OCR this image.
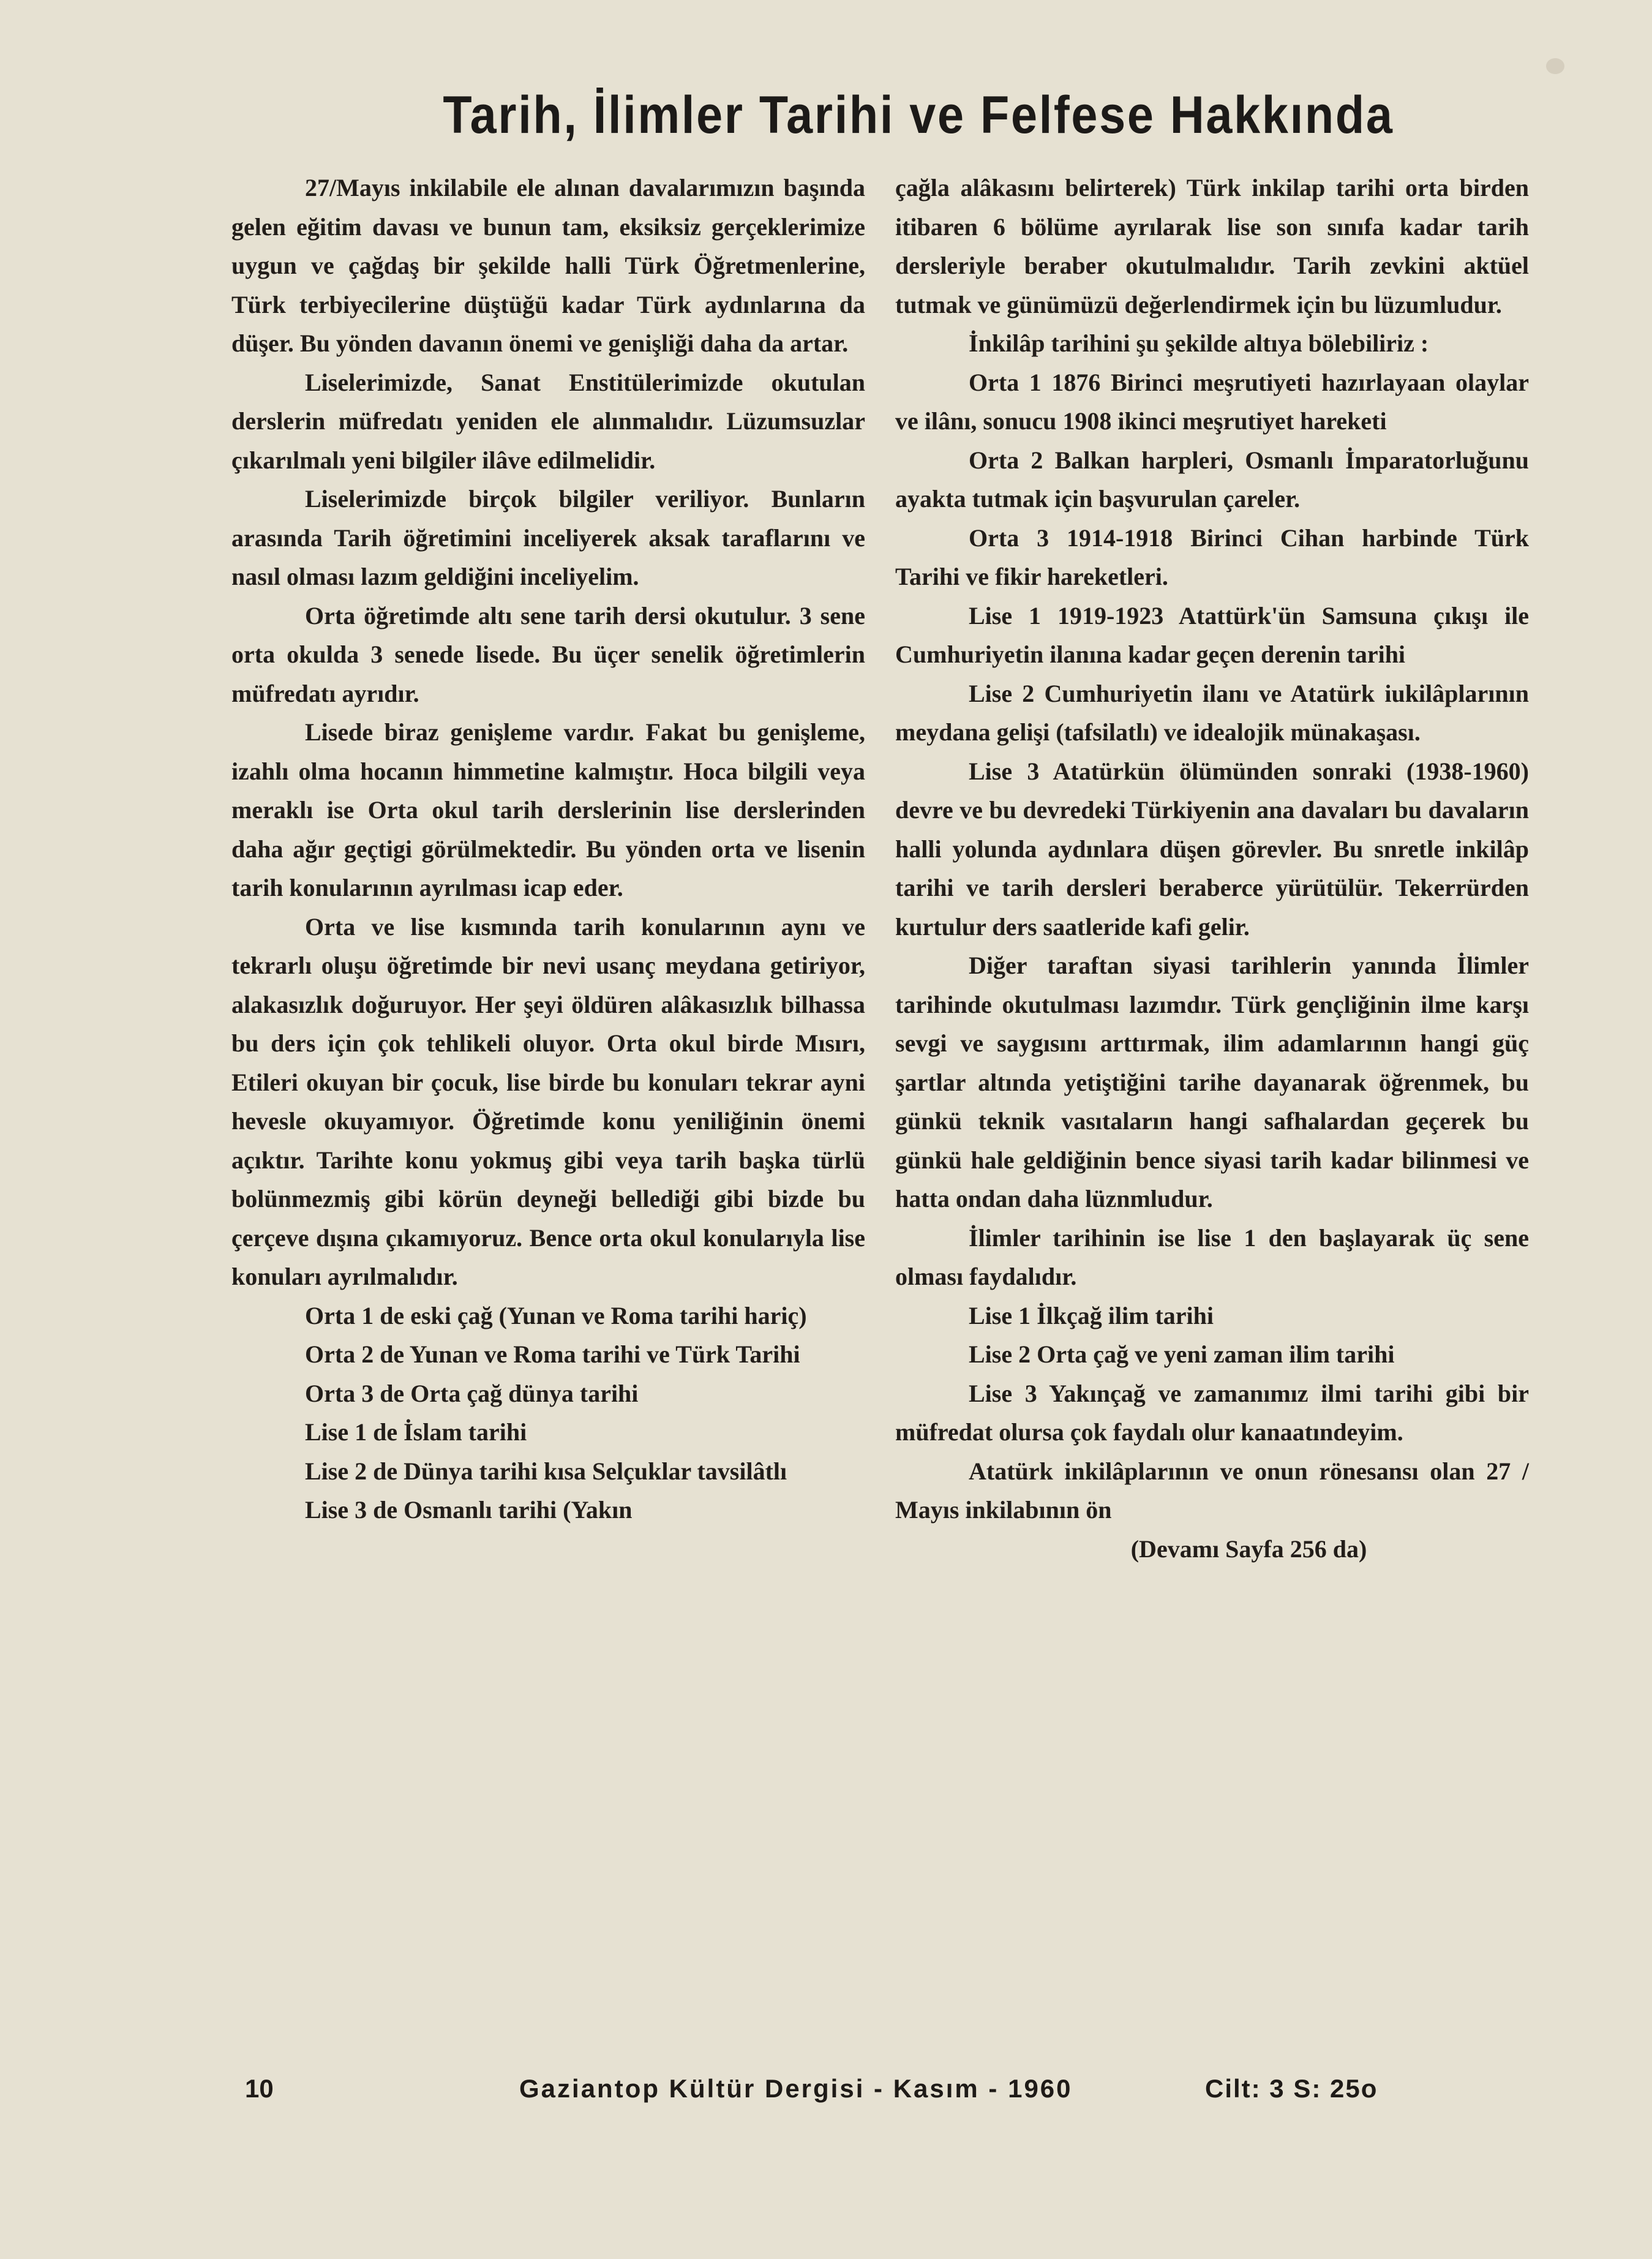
Tarih, İlimler Tarihi ve Felfese Hakkında

27/Mayıs inkilabile ele alınan davalarımızın başında gelen eğitim davası ve bunun tam, eksiksiz gerçeklerimize uygun ve çağdaş bir şekilde halli Türk Öğretmenlerine, Türk terbiyecilerine düştüğü kadar Türk aydınlarına da düşer. Bu yönden davanın önemi ve genişliği daha da artar.

Liselerimizde, Sanat Enstitülerimizde okutulan derslerin müfredatı yeniden ele alınmalıdır. Lüzumsuzlar çıkarılmalı yeni bilgiler ilâve edilmelidir.

Liselerimizde birçok bilgiler veriliyor. Bunların arasında Tarih öğretimini inceliyerek aksak taraflarını ve nasıl olması lazım geldiğini inceliyelim.

Orta öğretimde altı sene tarih dersi okutulur. 3 sene orta okulda 3 senede lisede. Bu üçer senelik öğretimlerin müfredatı ayrıdır.

Lisede biraz genişleme vardır. Fakat bu genişleme, izahlı olma hocanın himmetine kalmıştır. Hoca bilgili veya meraklı ise Orta okul tarih derslerinin lise derslerinden daha ağır geçtigi görülmektedir. Bu yönden orta ve lisenin tarih konularının ayrılması icap eder.

Orta ve lise kısmında tarih konularının aynı ve tekrarlı oluşu öğretimde bir nevi usanç meydana getiriyor, alakasızlık doğuruyor. Her şeyi öldüren alâkasızlık bilhassa bu ders için çok tehlikeli oluyor. Orta okul birde Mısırı, Etileri okuyan bir çocuk, lise birde bu konuları tekrar ayni hevesle okuyamıyor. Öğretimde konu yeniliğinin önemi açıktır. Tarihte konu yokmuş gibi veya tarih başka türlü bolünmezmiş gibi körün deyneği bellediği gibi bizde bu çerçeve dışına çıkamıyoruz. Bence orta okul konularıyla lise konuları ayrılmalıdır.

Orta 1 de eski çağ (Yunan ve Roma tarihi hariç)

Orta 2 de Yunan ve Roma tarihi ve Türk Tarihi

Orta 3 de Orta çağ dünya tarihi

Lise 1 de İslam tarihi

Lise 2 de Dünya tarihi kısa Selçuklar tavsilâtlı

Lise 3 de Osmanlı tarihi (Yakın

çağla alâkasını belirterek) Türk inkilap tarihi orta birden itibaren 6 bölüme ayrılarak lise son sınıfa kadar tarih dersleriyle beraber okutulmalıdır. Tarih zevkini aktüel tutmak ve günümüzü değerlendirmek için bu lüzumludur.

İnkilâp tarihini şu şekilde altıya bölebiliriz :

Orta 1 1876 Birinci meşrutiyeti hazırlayaan olaylar ve ilânı, sonucu 1908 ikinci meşrutiyet hareketi

Orta 2 Balkan harpleri, Osmanlı İmparatorluğunu ayakta tutmak için başvurulan çareler.

Orta 3 1914-1918 Birinci Cihan harbinde Türk Tarihi ve fikir hareketleri.

Lise 1 1919-1923 Atattürk'ün Samsuna çıkışı ile Cumhuriyetin ilanına kadar geçen derenin tarihi

Lise 2 Cumhuriyetin ilanı ve Atatürk iukilâplarının meydana gelişi (tafsilatlı) ve idealojik münakaşası.

Lise 3 Atatürkün ölümünden sonraki (1938-1960) devre ve bu devredeki Türkiyenin ana davaları bu davaların halli yolunda aydınlara düşen görevler. Bu snretle inkilâp tarihi ve tarih dersleri beraberce yürütülür. Tekerrürden kurtulur ders saatleride kafi gelir.

Diğer taraftan siyasi tarihlerin yanında İlimler tarihinde okutulması lazımdır. Türk gençliğinin ilme karşı sevgi ve saygısını arttırmak, ilim adamlarının hangi güç şartlar altında yetiştiğini tarihe dayanarak öğrenmek, bu günkü teknik vasıtaların hangi safhalardan geçerek bu günkü hale geldiğinin bence siyasi tarih kadar bilinmesi ve hatta ondan daha lüznmludur.

İlimler tarihinin ise lise 1 den başlayarak üç sene olması faydalıdır.

Lise 1 İlkçağ ilim tarihi

Lise 2 Orta çağ ve yeni zaman ilim tarihi

Lise 3 Yakınçağ ve zamanımız ilmi tarihi gibi bir müfredat olursa çok faydalı olur kanaatındeyim.

Atatürk inkilâplarının ve onun rönesansı olan 27 / Mayıs inkilabının ön

(Devamı Sayfa 256 da)

10	Gaziantop Kültür Dergisi - Kasım - 1960	Cilt: 3 S: 25o
